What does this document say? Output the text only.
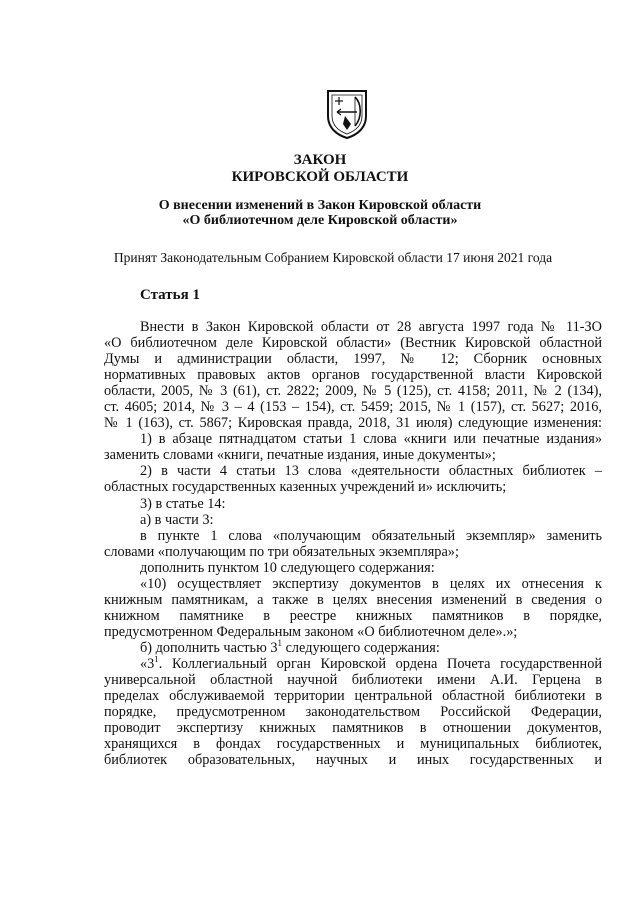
ЗАКОН
КИРОВСКОЙ ОБЛАСТИ
О внесении изменений в Закон Кировской области
«О библиотечном деле Кировской области»
Принят Законодательным Собранием Кировской области 17 июня 2021 года
Статья 1
Внести в Закон Кировской области от 28 августа 1997 года № 11-ЗО
«О библиотечном деле Кировской области» (Вестник Кировской областной
Думы и администрации области, 1997, № 12; Сборник основных
нормативных правовых актов органов государственной власти Кировской
области, 2005, № 3 (61), ст. 2822; 2009, № 5 (125), ст. 4158; 2011, № 2 (134),
ст. 4605; 2014, № 3 – 4 (153 – 154), ст. 5459; 2015, № 1 (157), ст. 5627; 2016,
№ 1 (163), ст. 5867; Кировская правда, 2018, 31 июля) следующие изменения:
1) в абзаце пятнадцатом статьи 1 слова «книги или печатные издания»
заменить словами «книги, печатные издания, иные документы»;
2) в части 4 статьи 13 слова «деятельности областных библиотек –
областных государственных казенных учреждений и» исключить;
3) в статье 14:
а) в части 3:
в пункте 1 слова «получающим обязательный экземпляр» заменить
словами «получающим по три обязательных экземпляра»;
дополнить пунктом 10 следующего содержания:
«10) осуществляет экспертизу документов в целях их отнесения к
книжным памятникам, а также в целях внесения изменений в сведения о
книжном памятнике в реестре книжных памятников в порядке,
предусмотренном Федеральным законом «О библиотечном деле».»;
б) дополнить частью $3^1$ следующего содержания:
«$3^1$. Коллегиальный орган Кировской ордена Почета государственной
универсальной областной научной библиотеки имени А.И. Герцена в
пределах обслуживаемой территории центральной областной библиотеки в
порядке, предусмотренном законодательством Российской Федерации,
проводит экспертизу книжных памятников в отношении документов,
хранящихся в фондах государственных и муниципальных библиотек,
библиотек образовательных, научных и иных государственных и
